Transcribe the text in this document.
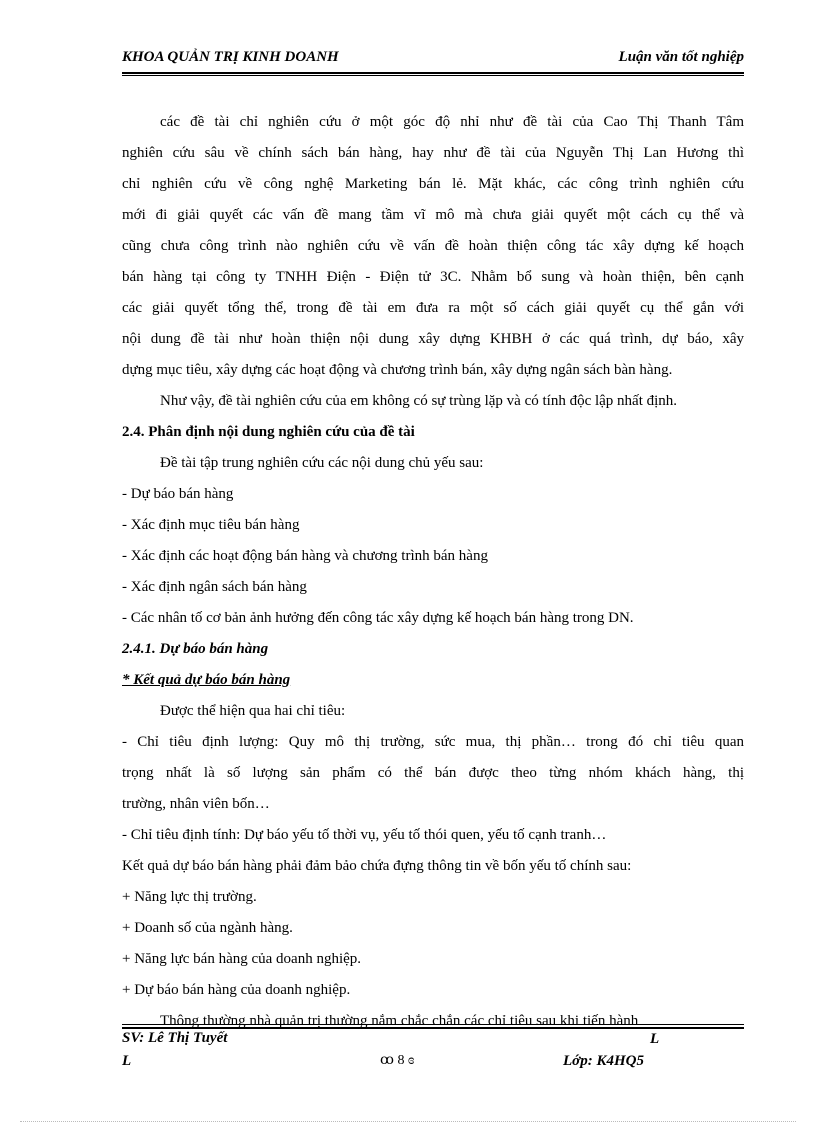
KHOA QUẢN TRỊ KINH DOANH	Luận văn tốt nghiệp

các đề tài chỉ nghiên cứu ở một góc độ nhỉ như đề tài của Cao Thị Thanh Tâm

nghiên cứu sâu về chính sách bán hàng, hay như đề tài của Nguyễn Thị Lan Hương thì

chỉ nghiên cứu về công nghệ Marketing bán lẻ. Mặt khác, các công trình nghiên cứu

mới đi giải quyết các vấn đề mang tầm vĩ mô mà chưa giải quyết một cách cụ thể và

cũng chưa công trình nào nghiên cứu về vấn đề hoàn thiện công tác xây dựng kế hoạch

bán hàng tại công ty TNHH Điện - Điện tử 3C. Nhằm bổ sung và hoàn thiện, bên cạnh

các giải quyết tổng thể, trong đề tài em đưa ra một số cách giải quyết cụ thể gắn với

nội dung đề tài như hoàn thiện nội dung xây dựng KHBH ở các quá trình, dự báo, xây

dựng mục tiêu, xây dựng các hoạt động và chương trình bán, xây dựng ngân sách bàn hàng.

Như vậy, đề tài nghiên cứu của em không có sự trùng lặp và có tính độc lập nhất định.

2.4. Phân định nội dung nghiên cứu của đề tài

Đề tài tập trung nghiên cứu các nội dung chủ yếu sau:

- Dự báo bán hàng

- Xác định mục tiêu bán hàng

- Xác định các hoạt động bán hàng và chương trình bán hàng

- Xác định ngân sách bán hàng

- Các nhân tố cơ bản ảnh hưởng đến công tác xây dựng kế hoạch bán hàng trong DN.

2.4.1. Dự báo bán hàng

* Kết quả dự báo bán hàng

Được thể hiện qua hai chỉ tiêu:

- Chỉ tiêu định lượng: Quy mô thị trường, sức mua, thị phần… trong đó chỉ tiêu quan

trọng nhất là số lượng sản phẩm có thể bán được theo từng nhóm khách hàng, thị

trường, nhân viên bốn…

- Chỉ tiêu định tính: Dự báo yếu tố thời vụ, yếu tố thói quen, yếu tố cạnh tranh…

Kết quả dự báo bán hàng phải đảm bảo chứa đựng thông tin về bốn yếu tố chính sau:

+ Năng lực thị trường.

+ Doanh số của ngành hàng.

+ Năng lực bán hàng của doanh nghiệp.

+ Dự báo bán hàng của doanh nghiệp.

Thông thường nhà quản trị thường nắm chắc chắn các chỉ tiêu sau khi tiến hành

SV: Lê Thị Tuyết	L
L	ꝏ 8 ɞ	Lớp: K4HQ5
